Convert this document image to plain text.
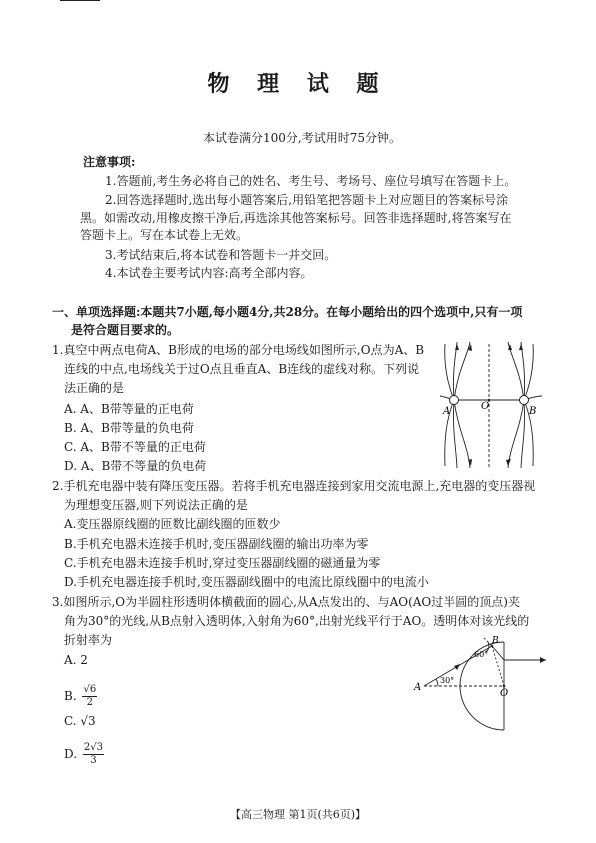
物 理 试 题
本试卷满分100分,考试用时75分钟。
注意事项:
1.答题前,考生务必将自己的姓名、考生号、考场号、座位号填写在答题卡上。
2.回答选择题时,选出每小题答案后,用铅笔把答题卡上对应题目的答案标号涂
黑。如需改动,用橡皮擦干净后,再选涂其他答案标号。回答非选择题时,将答案写在
答题卡上。写在本试卷上无效。
3.考试结束后,将本试卷和答题卡一并交回。
4.本试卷主要考试内容:高考全部内容。
一、单项选择题:本题共7小题,每小题4分,共28分。在每小题给出的四个选项中,只有一项
是符合题目要求的。
1.真空中两点电荷A、B形成的电场的部分电场线如图所示,O点为A、B
连线的中点,电场线关于过O点且垂直A、B连线的虚线对称。下列说
法正确的是
A. A、B带等量的正电荷
B. A、B带等量的负电荷
C. A、B带不等量的正电荷
D. A、B带不等量的负电荷
A	B
O
2.手机充电器中装有降压变压器。若将手机充电器连接到家用交流电源上,充电器的变压器视
为理想变压器,则下列说法正确的是
A.变压器原线圈的匝数比副线圈的匝数少
B.手机充电器未连接手机时,变压器副线圈的输出功率为零
C.手机充电器未连接手机时,穿过变压器副线圈的磁通量为零
D.手机充电器连接手机时,变压器副线圈中的电流比原线圈中的电流小
3.如图所示,O为半圆柱形透明体横截面的圆心,从A点发出的、与AO(AO过半圆的顶点)夹
角为30°的光线,从B点射入透明体,入射角为60°,出射光线平行于AO。透明体对该光线的
折射率为
A. 2
B. $\frac{√6}{2}$
C. √3
D. $\frac{2√3}{3}$
A
B
O
60°
30°
【高三物理 第1页(共6页)】
